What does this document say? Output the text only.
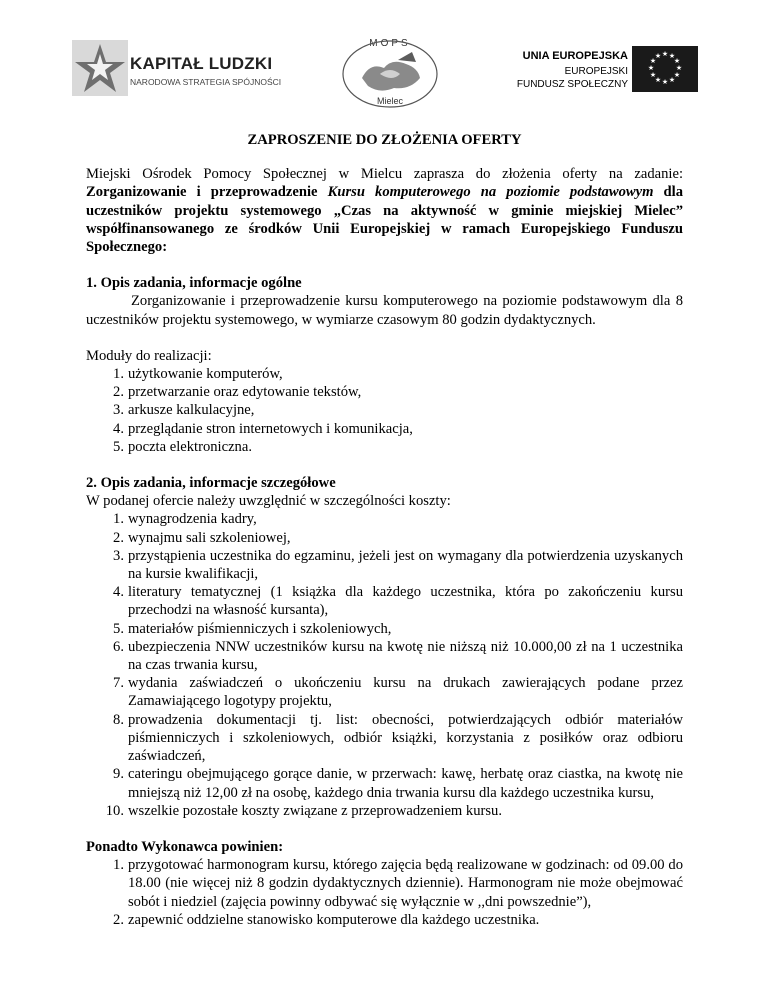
KAPITAŁ LUDZKI
NARODOWA STRATEGIA SPÓJNOŚCI
MOPS
Mielec
UNIA EUROPEJSKA
EUROPEJSKI
FUNDUSZ SPOŁECZNY
★ ★
★
★
★
★
★
★
★
★
★
★

ZAPROSZENIE DO ZŁOŻENIA OFERTY

Miejski Ośrodek Pomocy Społecznej w Mielcu zaprasza do złożenia oferty na zadanie: Zorganizowanie i przeprowadzenie Kursu komputerowego na poziomie podstawowym dla uczestników projektu systemowego „Czas na aktywność w gminie miejskiej Mielec” współfinansowanego ze środków Unii Europejskiej w ramach Europejskiego Funduszu Społecznego:

1. Opis zadania, informacje ogólne

Zorganizowanie i przeprowadzenie kursu komputerowego na poziomie podstawowym dla 8 uczestników projektu systemowego, w wymiarze czasowym 80 godzin dydaktycznych.

Moduły do realizacji:

1. użytkowanie komputerów,
2. przetwarzanie oraz edytowanie tekstów,
3. arkusze kalkulacyjne,
4. przeglądanie stron internetowych i komunikacja,
5. poczta elektroniczna.

2. Opis zadania, informacje szczegółowe

W podanej ofercie należy uwzględnić w szczególności koszty:

1. wynagrodzenia kadry,
2. wynajmu sali szkoleniowej,
3. przystąpienia uczestnika do egzaminu, jeżeli jest on wymagany dla potwierdzenia uzyskanych na kursie kwalifikacji,
4. literatury tematycznej (1 książka dla każdego uczestnika, która po zakończeniu kursu przechodzi na własność kursanta),
5. materiałów piśmienniczych i szkoleniowych,
6. ubezpieczenia NNW uczestników kursu na kwotę nie niższą niż 10.000,00 zł na 1 uczestnika na czas trwania kursu,
7. wydania zaświadczeń o ukończeniu kursu na drukach zawierających podane przez Zamawiającego logotypy projektu,
8. prowadzenia dokumentacji tj. list: obecności, potwierdzających odbiór materiałów piśmienniczych i szkoleniowych, odbiór książki, korzystania z posiłków oraz odbioru zaświadczeń,
9. cateringu obejmującego gorące danie, w przerwach: kawę, herbatę oraz ciastka, na kwotę nie mniejszą niż 12,00 zł na osobę, każdego dnia trwania kursu dla każdego uczestnika kursu,
10. wszelkie pozostałe koszty związane z przeprowadzeniem kursu.

Ponadto Wykonawca powinien:

1. przygotować harmonogram kursu, którego zajęcia będą realizowane w godzinach: od 09.00 do 18.00 (nie więcej niż 8 godzin dydaktycznych dziennie). Harmonogram nie może obejmować sobót i niedziel (zajęcia powinny odbywać się wyłącznie w ,,dni powszednie”),
2. zapewnić oddzielne stanowisko komputerowe dla każdego uczestnika.
